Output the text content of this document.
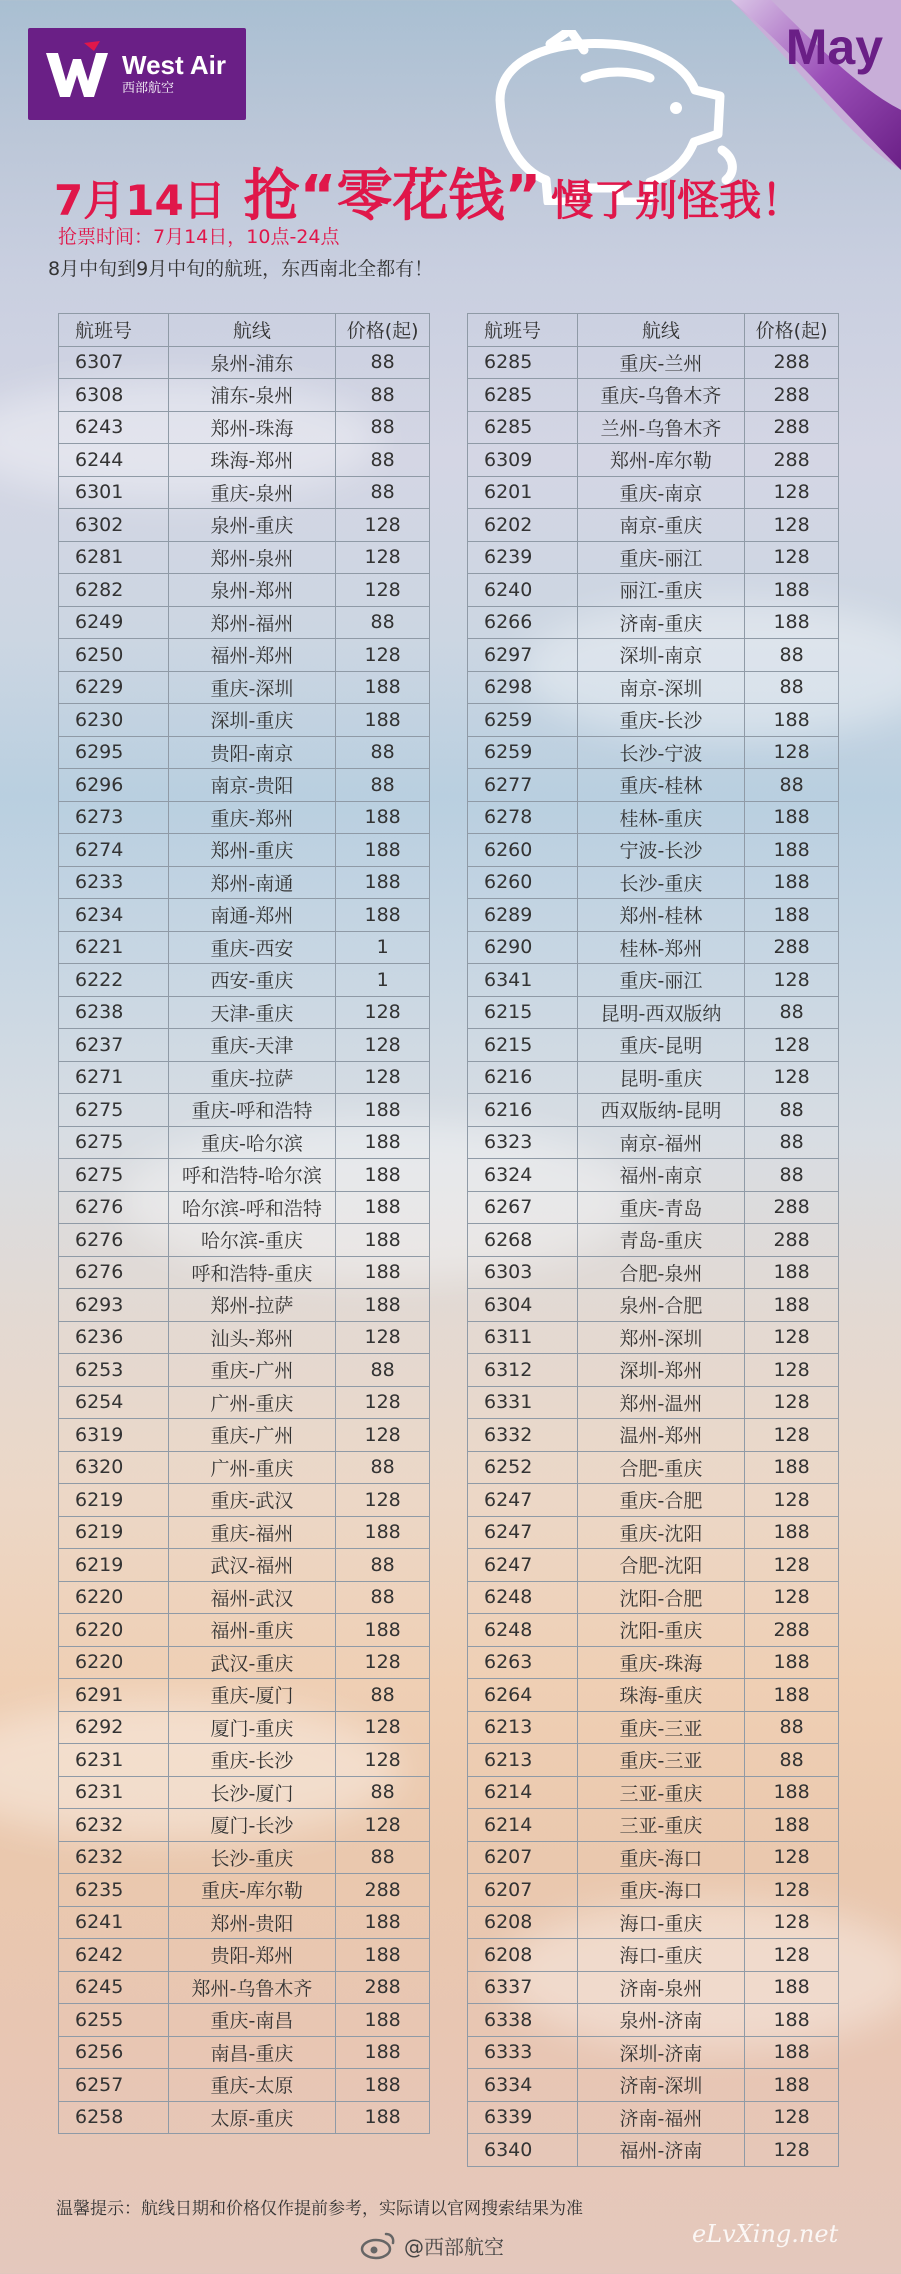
West Air
西部航空
May
7月14日 抢“零花钱” 慢了别怪我！
抢票时间：7月14日，10点-24点
8月中旬到9月中旬的航班，东西南北全都有！
航班号	航线	价格(起)
6307	泉州-浦东	88
6308	浦东-泉州	88
6243	郑州-珠海	88
6244	珠海-郑州	88
6301	重庆-泉州	88
6302	泉州-重庆	128
6281	郑州-泉州	128
6282	泉州-郑州	128
6249	郑州-福州	88
6250	福州-郑州	128
6229	重庆-深圳	188
6230	深圳-重庆	188
6295	贵阳-南京	88
6296	南京-贵阳	88
6273	重庆-郑州	188
6274	郑州-重庆	188
6233	郑州-南通	188
6234	南通-郑州	188
6221	重庆-西安	1
6222	西安-重庆	1
6238	天津-重庆	128
6237	重庆-天津	128
6271	重庆-拉萨	128
6275	重庆-呼和浩特	188
6275	重庆-哈尔滨	188
6275	呼和浩特-哈尔滨	188
6276	哈尔滨-呼和浩特	188
6276	哈尔滨-重庆	188
6276	呼和浩特-重庆	188
6293	郑州-拉萨	188
6236	汕头-郑州	128
6253	重庆-广州	88
6254	广州-重庆	128
6319	重庆-广州	128
6320	广州-重庆	88
6219	重庆-武汉	128
6219	重庆-福州	188
6219	武汉-福州	88
6220	福州-武汉	88
6220	福州-重庆	188
6220	武汉-重庆	128
6291	重庆-厦门	88
6292	厦门-重庆	128
6231	重庆-长沙	128
6231	长沙-厦门	88
6232	厦门-长沙	128
6232	长沙-重庆	88
6235	重庆-库尔勒	288
6241	郑州-贵阳	188
6242	贵阳-郑州	188
6245	郑州-乌鲁木齐	288
6255	重庆-南昌	188
6256	南昌-重庆	188
6257	重庆-太原	188
6258	太原-重庆	188
航班号	航线	价格(起)
6285	重庆-兰州	288
6285	重庆-乌鲁木齐	288
6285	兰州-乌鲁木齐	288
6309	郑州-库尔勒	288
6201	重庆-南京	128
6202	南京-重庆	128
6239	重庆-丽江	128
6240	丽江-重庆	188
6266	济南-重庆	188
6297	深圳-南京	88
6298	南京-深圳	88
6259	重庆-长沙	188
6259	长沙-宁波	128
6277	重庆-桂林	88
6278	桂林-重庆	188
6260	宁波-长沙	188
6260	长沙-重庆	188
6289	郑州-桂林	188
6290	桂林-郑州	288
6341	重庆-丽江	128
6215	昆明-西双版纳	88
6215	重庆-昆明	128
6216	昆明-重庆	128
6216	西双版纳-昆明	88
6323	南京-福州	88
6324	福州-南京	88
6267	重庆-青岛	288
6268	青岛-重庆	288
6303	合肥-泉州	188
6304	泉州-合肥	188
6311	郑州-深圳	128
6312	深圳-郑州	128
6331	郑州-温州	128
6332	温州-郑州	128
6252	合肥-重庆	188
6247	重庆-合肥	128
6247	重庆-沈阳	188
6247	合肥-沈阳	128
6248	沈阳-合肥	128
6248	沈阳-重庆	288
6263	重庆-珠海	188
6264	珠海-重庆	188
6213	重庆-三亚	88
6213	重庆-三亚	88
6214	三亚-重庆	188
6214	三亚-重庆	188
6207	重庆-海口	128
6207	重庆-海口	128
6208	海口-重庆	128
6208	海口-重庆	128
6337	济南-泉州	188
6338	泉州-济南	188
6333	深圳-济南	188
6334	济南-深圳	188
6339	济南-福州	128
6340	福州-济南	128
温馨提示：航线日期和价格仅作提前参考，实际请以官网搜索结果为准
@西部航空	eLvXing.net
